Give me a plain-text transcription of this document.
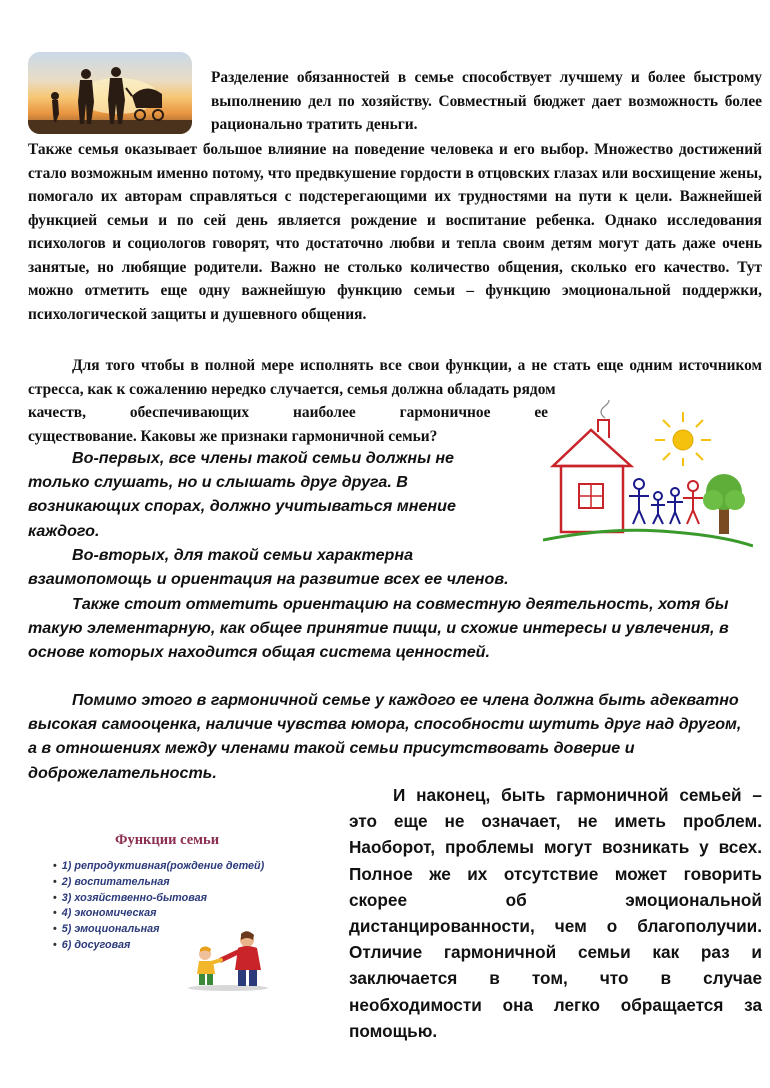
Разделение обязанностей в семье способствует лучшему и более быстрому выполнению дел по хозяйству. Совместный бюджет дает возможность более рационально тратить деньги.

Также семья оказывает большое влияние на поведение человека и его выбор. Множество достижений стало возможным именно потому, что предвкушение гордости в отцовских глазах или восхищение жены, помогало их авторам справляться с подстерегающими их трудностями на пути к цели. Важнейшей функцией семьи и по сей день является рождение и воспитание ребенка. Однако исследования психологов и социологов говорят, что достаточно любви и тепла своим детям могут дать даже очень занятые, но любящие родители. Важно не столько количество общения, сколько его качество. Тут можно отметить еще одну важнейшую функцию семьи – функцию эмоциональной поддержки, психологической защиты и душевного общения.

Для того чтобы в полной мере исполнять все свои функции, а не стать еще одним источником стресса, как к сожалению нередко случается, семья должна обладать рядом

качеств, обеспечивающих наиболее гармоничное ее

существование. Каковы же признаки гармоничной семьи?

Во-первых, все члены такой семьи должны не только слушать, но и слышать друг друга. В возникающих спорах, должно учитываться мнение каждого.

Во-вторых, для такой семьи характерна

взаимопомощь и ориентация на развитие всех ее членов.

Также стоит отметить ориентацию на совместную деятельность, хотя бы такую элементарную, как общее принятие пищи, и схожие интересы и увлечения, в основе которых находится общая система ценностей.

Помимо этого в гармоничной семье у каждого ее члена должна быть адекватно высокая самооценка, наличие чувства юмора, способности шутить друг над другом, а в отношениях между членами такой семьи присутствовать доверие и доброжелательность.

Функции семьи
• 1) репродуктивная(рождение детей)
• 2) воспитательная
• 3) хозяйственно-бытовая
• 4) экономическая
• 5) эмоциональная
• 6) досуговая

И наконец, быть гармоничной семьей – это еще не означает, не иметь проблем. Наоборот, проблемы могут возникать у всех. Полное же их отсутствие может говорить скорее об эмоциональной дистанцированности, чем о благополучии. Отличие гармоничной семьи как раз и заключается в том, что в случае необходимости она легко обращается за помощью.
